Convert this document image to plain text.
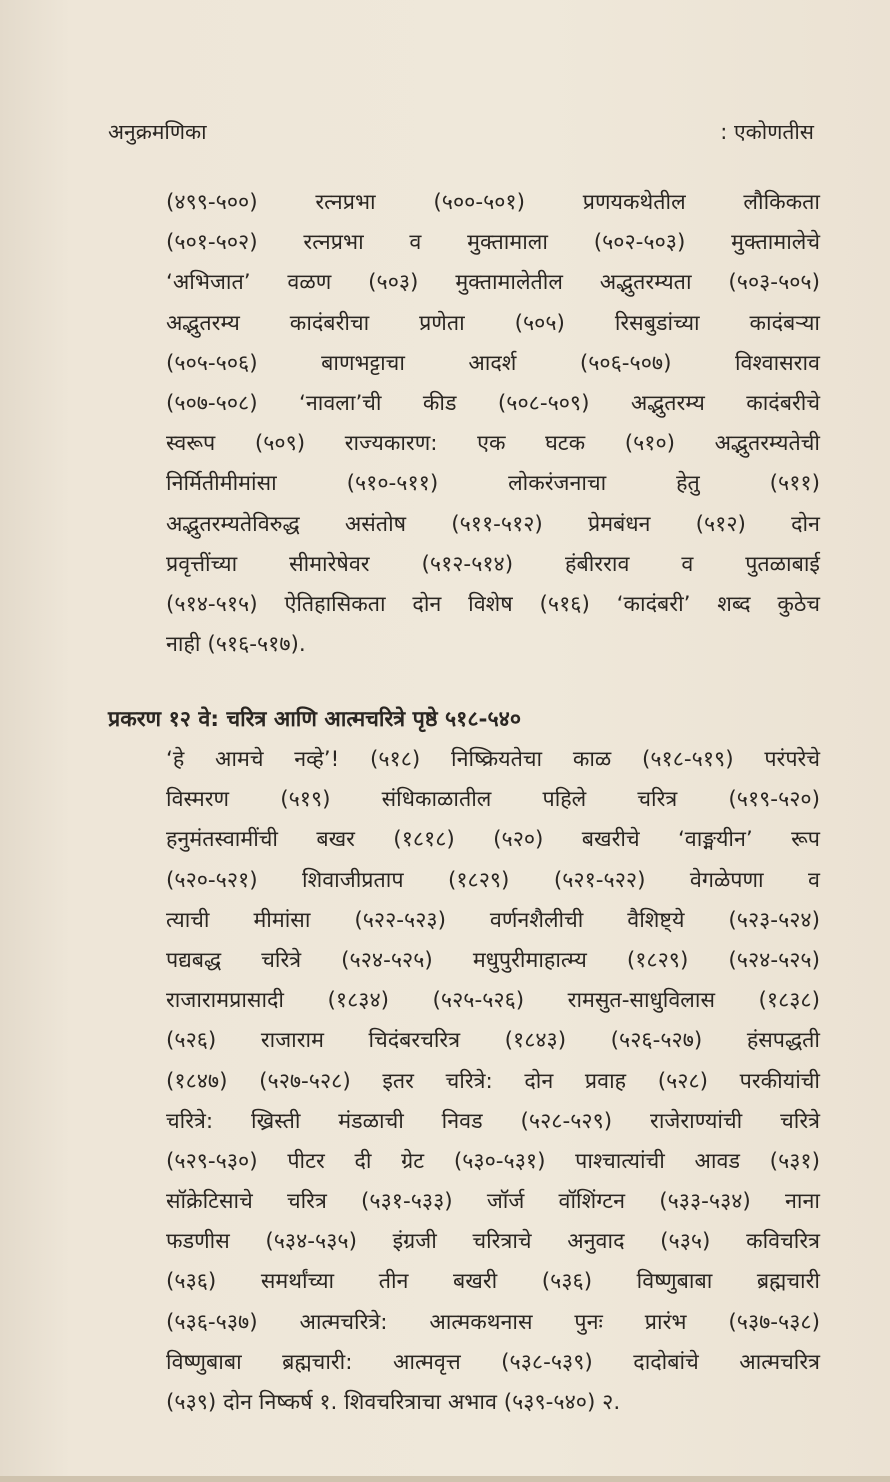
अनुक्रमणिका	: एकोणतीस
(४९९-५००) रत्नप्रभा (५००-५०१) प्रणयकथेतील लौकिकता
(५०१-५०२) रत्नप्रभा व मुक्तामाला (५०२-५०३) मुक्तामालेचे
‘अभिजात’ वळण (५०३) मुक्तामालेतील अद्भुतरम्यता (५०३-५०५)
अद्भुतरम्य कादंबरीचा प्रणेता (५०५) रिसबुडांच्या कादंबऱ्या
(५०५-५०६) बाणभट्टाचा आदर्श (५०६-५०७) विश्वासराव
(५०७-५०८) ‘नावला’ची कीड (५०८-५०९) अद्भुतरम्य कादंबरीचे
स्वरूप (५०९) राज्यकारण: एक घटक (५१०) अद्भुतरम्यतेची
निर्मितीमीमांसा (५१०-५११) लोकरंजनाचा हेतु (५११)
अद्भुतरम्यतेविरुद्ध असंतोष (५११-५१२) प्रेमबंधन (५१२) दोन
प्रवृत्तींच्या सीमारेषेवर (५१२-५१४) हंबीरराव व पुतळाबाई
(५१४-५१५) ऐतिहासिकता दोन विशेष (५१६) ‘कादंबरी’ शब्द कुठेच
नाही (५१६-५१७).
प्रकरण १२ वे: चरित्र आणि आत्मचरित्रे पृष्ठे ५१८-५४०
‘हे आमचे नव्हे’! (५१८) निष्क्रियतेचा काळ (५१८-५१९) परंपरेचे
विस्मरण (५१९) संधिकाळातील पहिले चरित्र (५१९-५२०)
हनुमंतस्वामींची बखर (१८१८) (५२०) बखरीचे ‘वाङ्मयीन’ रूप
(५२०-५२१) शिवाजीप्रताप (१८२९) (५२१-५२२) वेगळेपणा व
त्याची मीमांसा (५२२-५२३) वर्णनशैलीची वैशिष्ट्ये (५२३-५२४)
पद्यबद्ध चरित्रे (५२४-५२५) मधुपुरीमाहात्म्य (१८२९) (५२४-५२५)
राजारामप्रासादी (१८३४) (५२५-५२६) रामसुत-साधुविलास (१८३८)
(५२६) राजाराम चिदंबरचरित्र (१८४३) (५२६-५२७) हंसपद्धती
(१८४७) (५२७-५२८) इतर चरित्रे: दोन प्रवाह (५२८) परकीयांची
चरित्रे: ख्रिस्ती मंडळाची निवड (५२८-५२९) राजेराण्यांची चरित्रे
(५२९-५३०) पीटर दी ग्रेट (५३०-५३१) पाश्चात्यांची आवड (५३१)
सॉक्रेटिसाचे चरित्र (५३१-५३३) जॉर्ज वॉशिंग्टन (५३३-५३४) नाना
फडणीस (५३४-५३५) इंग्रजी चरित्राचे अनुवाद (५३५) कविचरित्र
(५३६) समर्थांच्या तीन बखरी (५३६) विष्णुबाबा ब्रह्मचारी
(५३६-५३७) आत्मचरित्रे: आत्मकथनास पुनः प्रारंभ (५३७-५३८)
विष्णुबाबा ब्रह्मचारी: आत्मवृत्त (५३८-५३९) दादोबांचे आत्मचरित्र
(५३९) दोन निष्कर्ष १. शिवचरित्राचा अभाव (५३९-५४०) २.
